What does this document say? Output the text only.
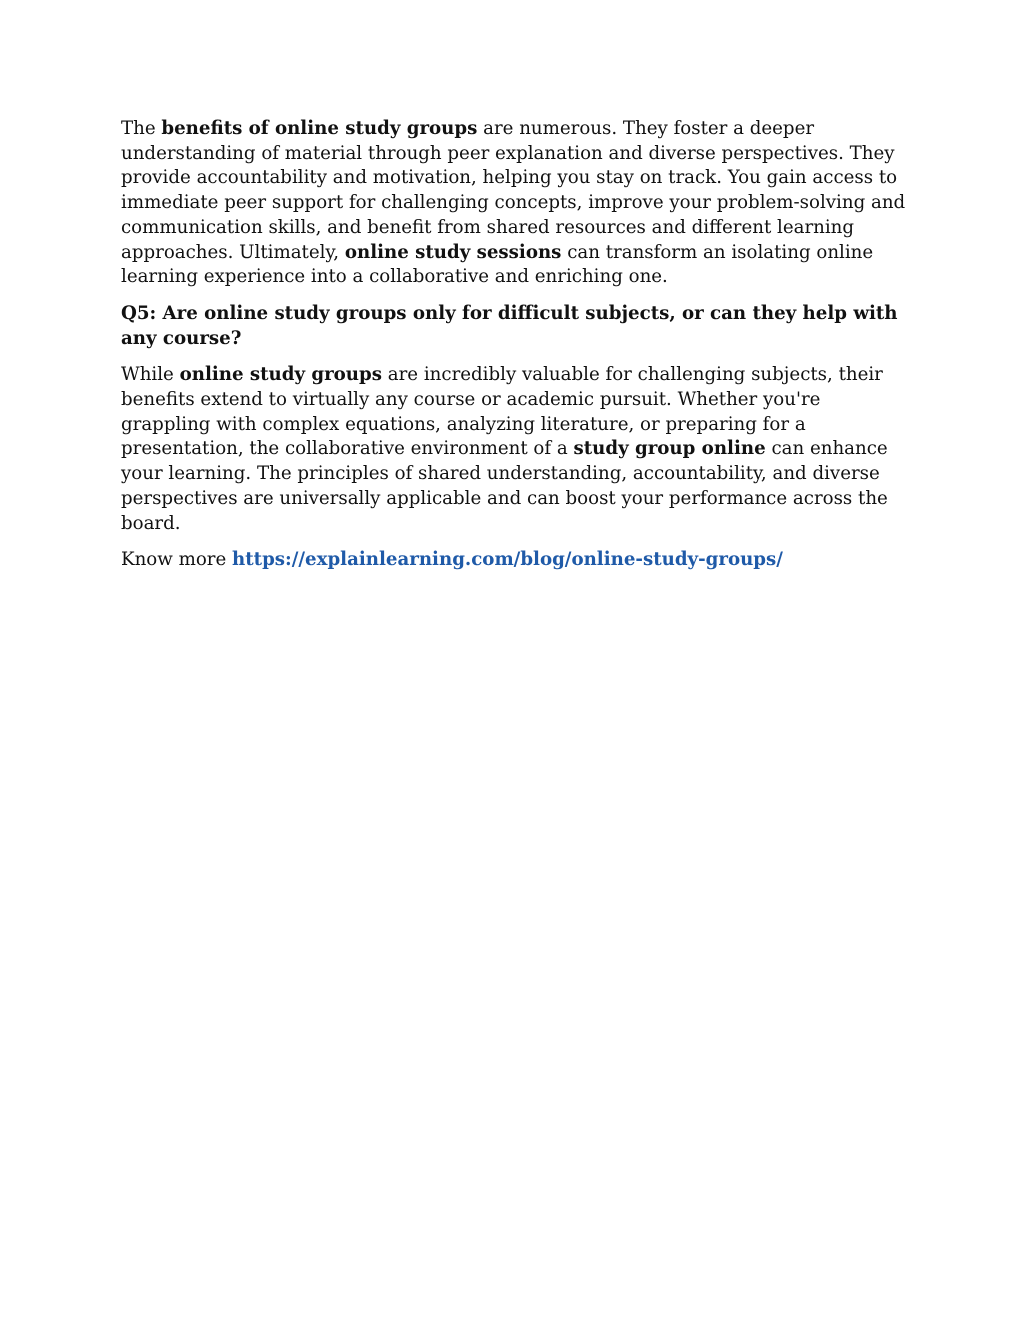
The benefits of online study groups are numerous. They foster a deeper understanding of material through peer explanation and diverse perspectives. They provide accountability and motivation, helping you stay on track. You gain access to immediate peer support for challenging concepts, improve your problem-solving and communication skills, and benefit from shared resources and different learning approaches. Ultimately, online study sessions can transform an isolating online learning experience into a collaborative and enriching one.

Q5: Are online study groups only for difficult subjects, or can they help with any course?

While online study groups are incredibly valuable for challenging subjects, their benefits extend to virtually any course or academic pursuit. Whether you're grappling with complex equations, analyzing literature, or preparing for a presentation, the collaborative environment of a study group online can enhance your learning. The principles of shared understanding, accountability, and diverse perspectives are universally applicable and can boost your performance across the board.

Know more https://explainlearning.com/blog/online-study-groups/
